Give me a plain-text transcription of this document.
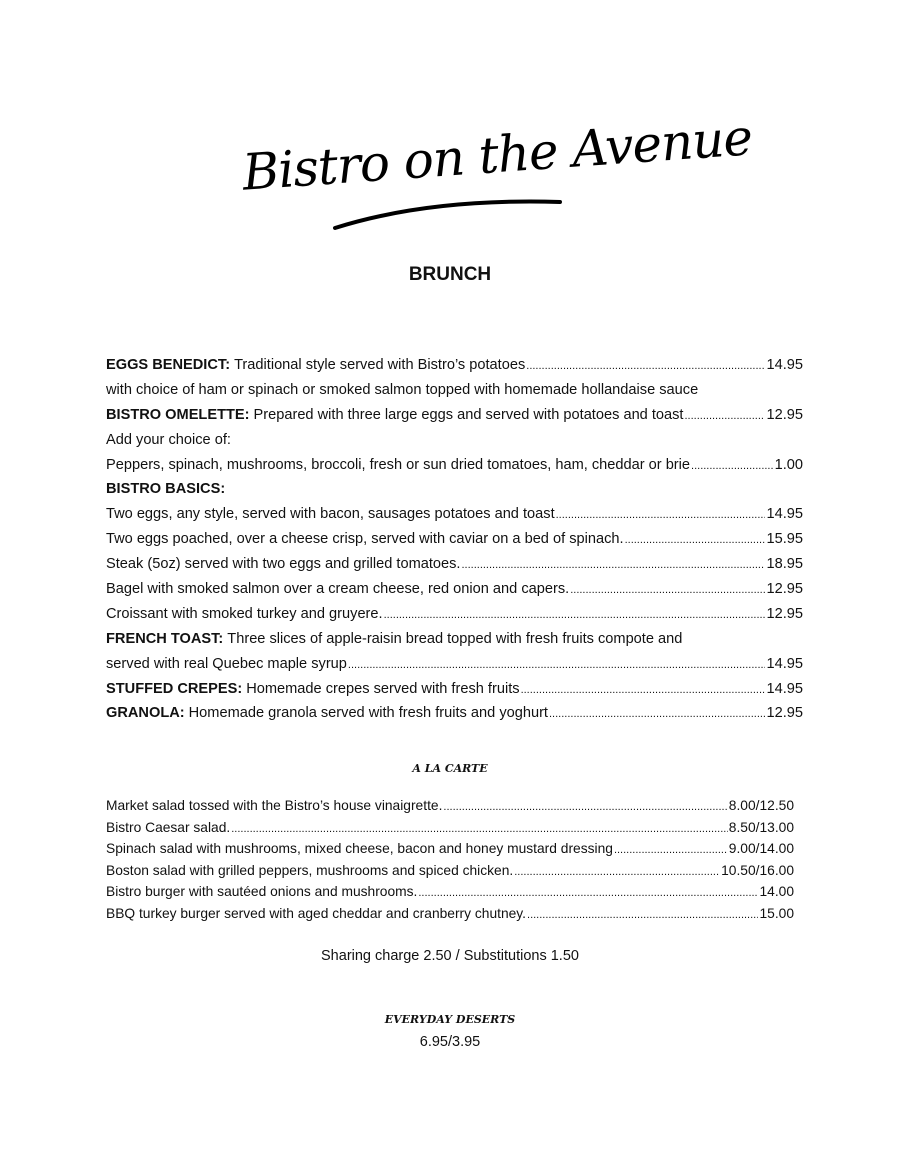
Bistro on the Avenue
BRUNCH
EGGS BENEDICT: Traditional style served with Bistro’s potatoes .....	14.95
with choice of ham or spinach or smoked salmon topped with homemade hollandaise sauce
BISTRO OMELETTE: Prepared with three large eggs and served with potatoes and toast .....	12.95
Add your choice of:
Peppers, spinach, mushrooms, broccoli, fresh or sun dried tomatoes, ham, cheddar or brie .....	1.00
BISTRO BASICS:
Two eggs, any style, served with bacon, sausages potatoes and toast .....	14.95
Two eggs poached, over a cheese crisp, served with caviar on a bed of spinach. .....	15.95
Steak (5oz) served with two eggs and grilled tomatoes. .....	18.95
Bagel with smoked salmon over a cream cheese, red onion and capers. .....	12.95
Croissant with smoked turkey and gruyere. .....	12.95
FRENCH TOAST: Three slices of apple-raisin bread topped with fresh fruits compote and
served with real Quebec maple syrup .....	14.95
STUFFED CREPES: Homemade crepes served with fresh fruits .....	14.95
GRANOLA: Homemade granola served with fresh fruits and yoghurt .....	12.95
A LA CARTE
Market salad tossed with the Bistro’s house vinaigrette. .....	8.00/12.50
Bistro Caesar salad. .....	8.50/13.00
Spinach salad with mushrooms, mixed cheese, bacon and honey mustard dressing .....	9.00/14.00
Boston salad with grilled peppers, mushrooms and spiced chicken. .....	10.50/16.00
Bistro burger with sautéed onions and mushrooms. .....	14.00
BBQ turkey burger served with aged cheddar and cranberry chutney. .....	15.00
Sharing charge 2.50 / Substitutions 1.50
EVERYDAY DESERTS
6.95/3.95
